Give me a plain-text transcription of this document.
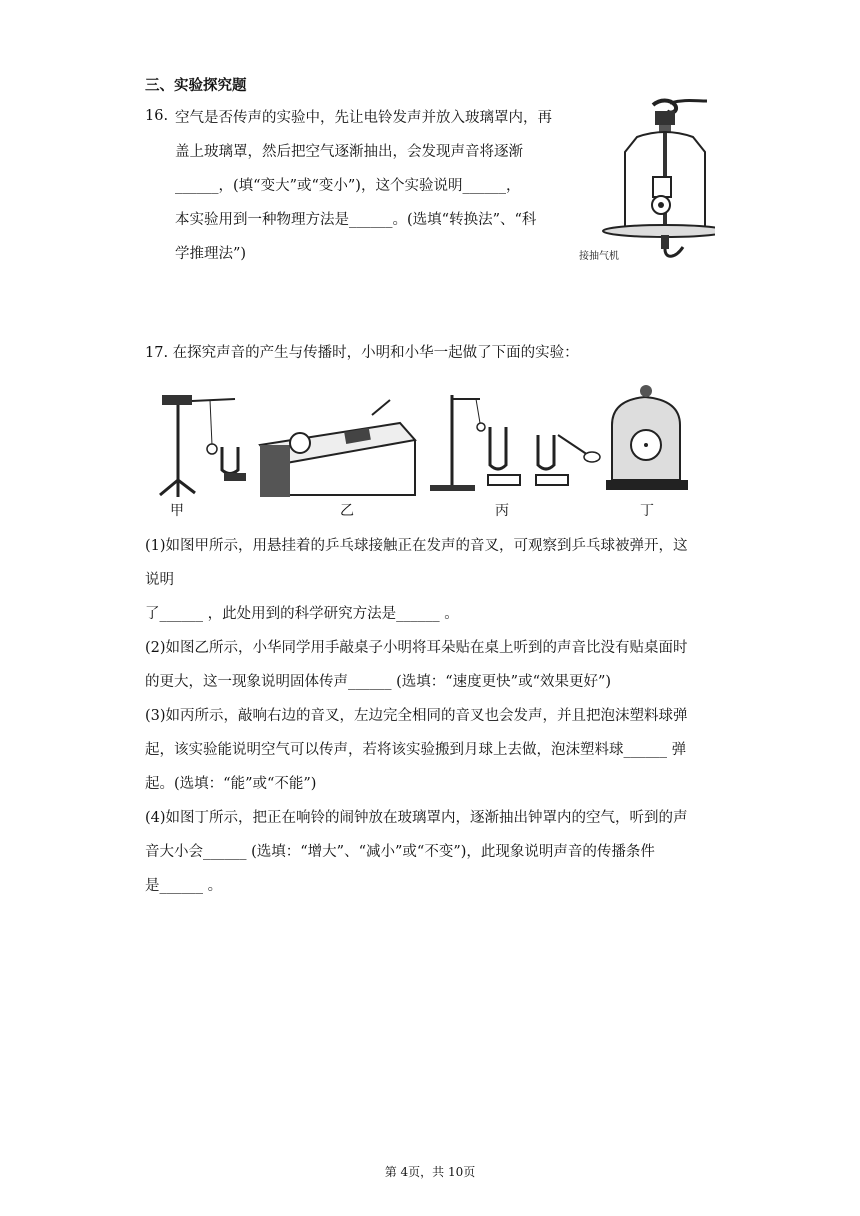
三、实验探究题
16. 空气是否传声的实验中，先让电铃发声并放入玻璃罩内，再
盖上玻璃罩，然后把空气逐渐抽出，会发现声音将逐渐
______，(填“变大”或“变小”)，这个实验说明______，
本实验用到一种物理方法是______。(选填“转换法”、“科
学推理法”)	接抽气机
17. 在探究声音的产生与传播时，小明和小华一起做了下面的实验：
甲	乙	丙	丁
(1)如图甲所示，用悬挂着的乒乓球接触正在发声的音叉，可观察到乒乓球被弹开，这
说明
了______ ，此处用到的科学研究方法是______ 。
(2)如图乙所示，小华同学用手敲桌子小明将耳朵贴在桌上听到的声音比没有贴桌面时
的更大，这一现象说明固体传声______ (选填：“速度更快”或“效果更好”)
(3)如丙所示，敲响右边的音叉，左边完全相同的音叉也会发声，并且把泡沫塑料球弹
起，该实验能说明空气可以传声，若将该实验搬到月球上去做，泡沫塑料球______ 弹
起。(选填：“能”或“不能”)
(4)如图丁所示，把正在响铃的闹钟放在玻璃罩内，逐渐抽出钟罩内的空气，听到的声
音大小会______ (选填：“增大”、“减小”或“不变”)，此现象说明声音的传播条件
是______ 。
第 4页，共 10页
